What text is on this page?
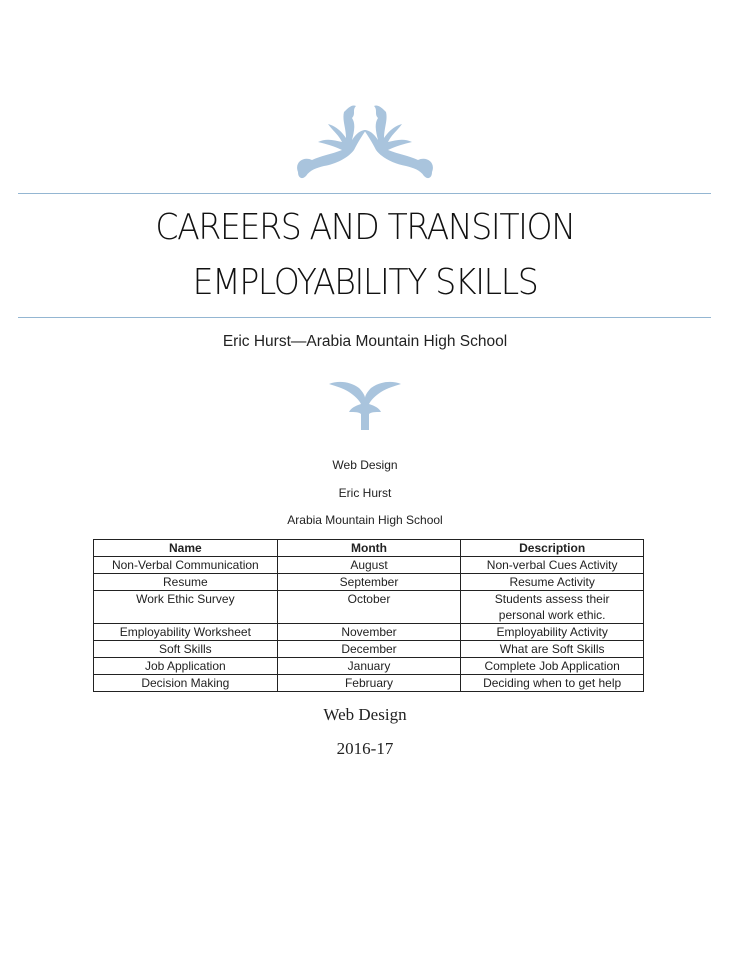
CAREERS AND TRANSITION
EMPLOYABILITY SKILLS
Eric Hurst—Arabia Mountain High School
Web Design
Eric Hurst
Arabia Mountain High School
Name	Month	Description
Non-Verbal Communication	August	Non-verbal Cues Activity
Resume	September	Resume Activity
Work Ethic Survey	October	Students assess their personal work ethic.
Employability Worksheet	November	Employability Activity
Soft Skills	December	What are Soft Skills
Job Application	January	Complete Job Application
Decision Making	February	Deciding when to get help
Web Design
2016-17
